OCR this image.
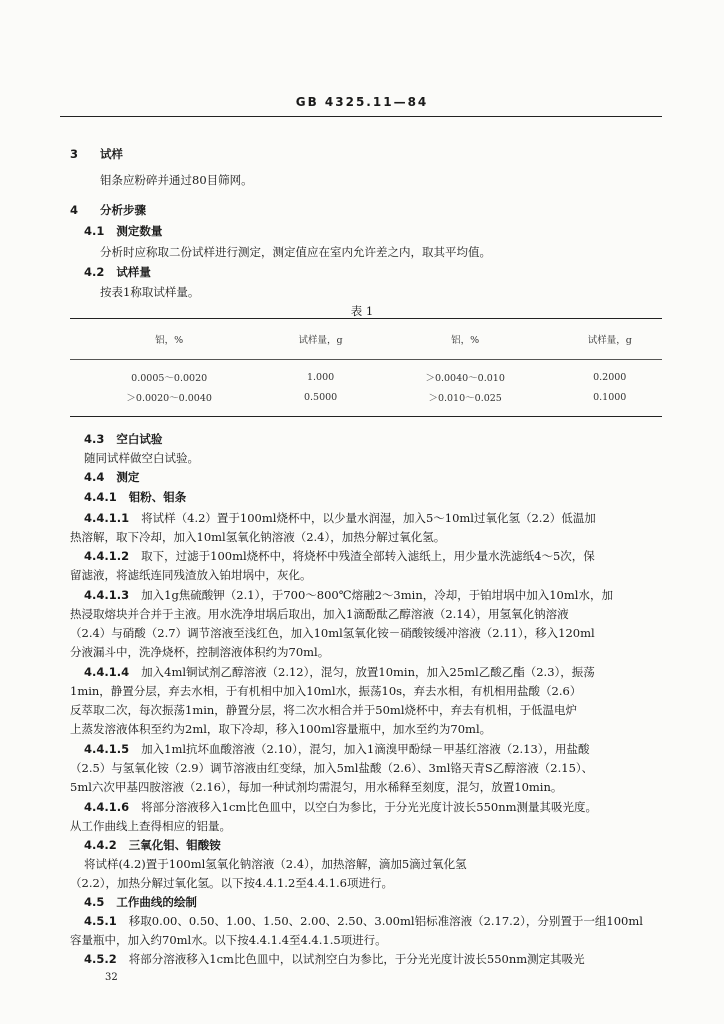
GB 4325.11—84
3 试样
钼条应粉碎并通过80目筛网。
4 分析步骤
4.1 测定数量
分析时应称取二份试样进行测定，测定值应在室内允许差之内，取其平均值。
4.2 试样量
按表1称取试样量。
表 1
铝，%	试样量，g	铝，%	试样量，g
0.0005～0.0020	1.000	＞0.0040～0.010	0.2000
＞0.0020～0.0040	0.5000	＞0.010～0.025	0.1000
4.3 空白试验
随同试样做空白试验。
4.4 测定
4.4.1 钼粉、钼条
4.4.1.1 将试样（4.2）置于100ml烧杯中，以少量水润湿，加入5～10ml过氧化氢（2.2）低温加
热溶解，取下冷却，加入10ml氢氧化钠溶液（2.4），加热分解过氧化氢。
4.4.1.2 取下，过滤于100ml烧杯中，将烧杯中残渣全部转入滤纸上，用少量水洗滤纸4～5次，保
留滤液，将滤纸连同残渣放入铂坩埚中，灰化。
4.4.1.3 加入1g焦硫酸钾（2.1），于700～800℃熔融2～3min，冷却，于铂坩埚中加入10ml水，加
热浸取熔块并合并于主液。用水洗净坩埚后取出，加入1滴酚酞乙醇溶液（2.14），用氢氧化钠溶液
（2.4）与硝酸（2.7）调节溶液至浅红色，加入10ml氢氧化铵－硝酸铵缓冲溶液（2.11），移入120ml
分液漏斗中，洗净烧杯，控制溶液体积约为70ml。
4.4.1.4 加入4ml铜试剂乙醇溶液（2.12），混匀，放置10min，加入25ml乙酸乙酯（2.3），振荡
1min，静置分层，弃去水相，于有机相中加入10ml水，振荡10s，弃去水相，有机相用盐酸（2.6）
反萃取二次，每次振荡1min，静置分层，将二次水相合并于50ml烧杯中，弃去有机相，于低温电炉
上蒸发溶液体积至约为2ml，取下冷却，移入100ml容量瓶中，加水至约为70ml。
4.4.1.5 加入1ml抗坏血酸溶液（2.10），混匀，加入1滴溴甲酚绿－甲基红溶液（2.13），用盐酸
（2.5）与氢氧化铵（2.9）调节溶液由红变绿，加入5ml盐酸（2.6）、3ml铬天青S乙醇溶液（2.15）、
5ml六次甲基四胺溶液（2.16），每加一种试剂均需混匀，用水稀释至刻度，混匀，放置10min。
4.4.1.6 将部分溶液移入1cm比色皿中，以空白为参比，于分光光度计波长550nm测量其吸光度。
从工作曲线上查得相应的铝量。
4.4.2 三氧化钼、钼酸铵
将试样(4.2)置于100ml氢氧化钠溶液（2.4），加热溶解，滴加5滴过氧化氢
（2.2），加热分解过氧化氢。以下按4.4.1.2至4.4.1.6项进行。
4.5 工作曲线的绘制
4.5.1 移取0.00、0.50、1.00、1.50、2.00、2.50、3.00ml铝标准溶液（2.17.2），分别置于一组100ml
容量瓶中，加入约70ml水。以下按4.4.1.4至4.4.1.5项进行。
4.5.2 将部分溶液移入1cm比色皿中，以试剂空白为参比，于分光光度计波长550nm测定其吸光
32
